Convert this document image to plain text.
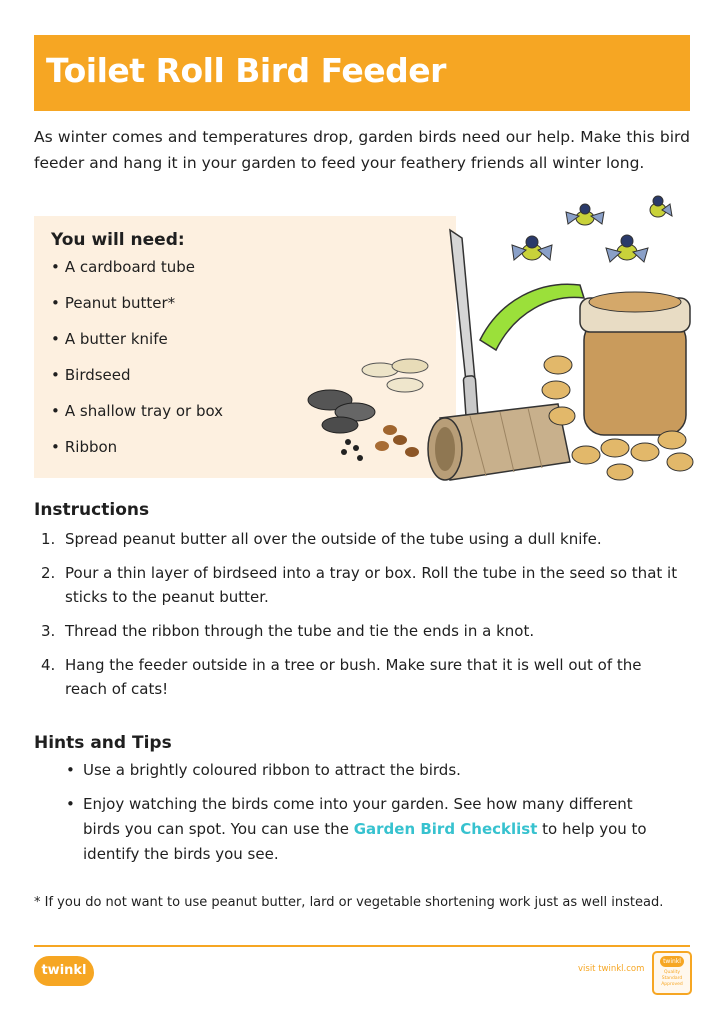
Toilet Roll Bird Feeder

As winter comes and temperatures drop, garden birds need our help. Make this bird feeder and hang it in your garden to feed your feathery friends all winter long.

You will need:
• A cardboard tube
• Peanut butter*
• A butter knife
• Birdseed
• A shallow tray or box
• Ribbon
Instructions
1. Spread peanut butter all over the outside of the tube using a dull knife.
2. Pour a thin layer of birdseed into a tray or box. Roll the tube in the seed so that it sticks to the peanut butter.
3. Thread the ribbon through the tube and tie the ends in a knot.
4. Hang the feeder outside in a tree or bush. Make sure that it is well out of the reach of cats!
Hints and Tips
• Use a brightly coloured ribbon to attract the birds.
• Enjoy watching the birds come into your garden. See how many different birds you can spot. You can use the Garden Bird Checklist to help you to identify the birds you see.

* If you do not want to use peanut butter, lard or vegetable shortening work just as well instead.

twinkl	visit twinkl.com
twinkl
Quality Standard Approved
